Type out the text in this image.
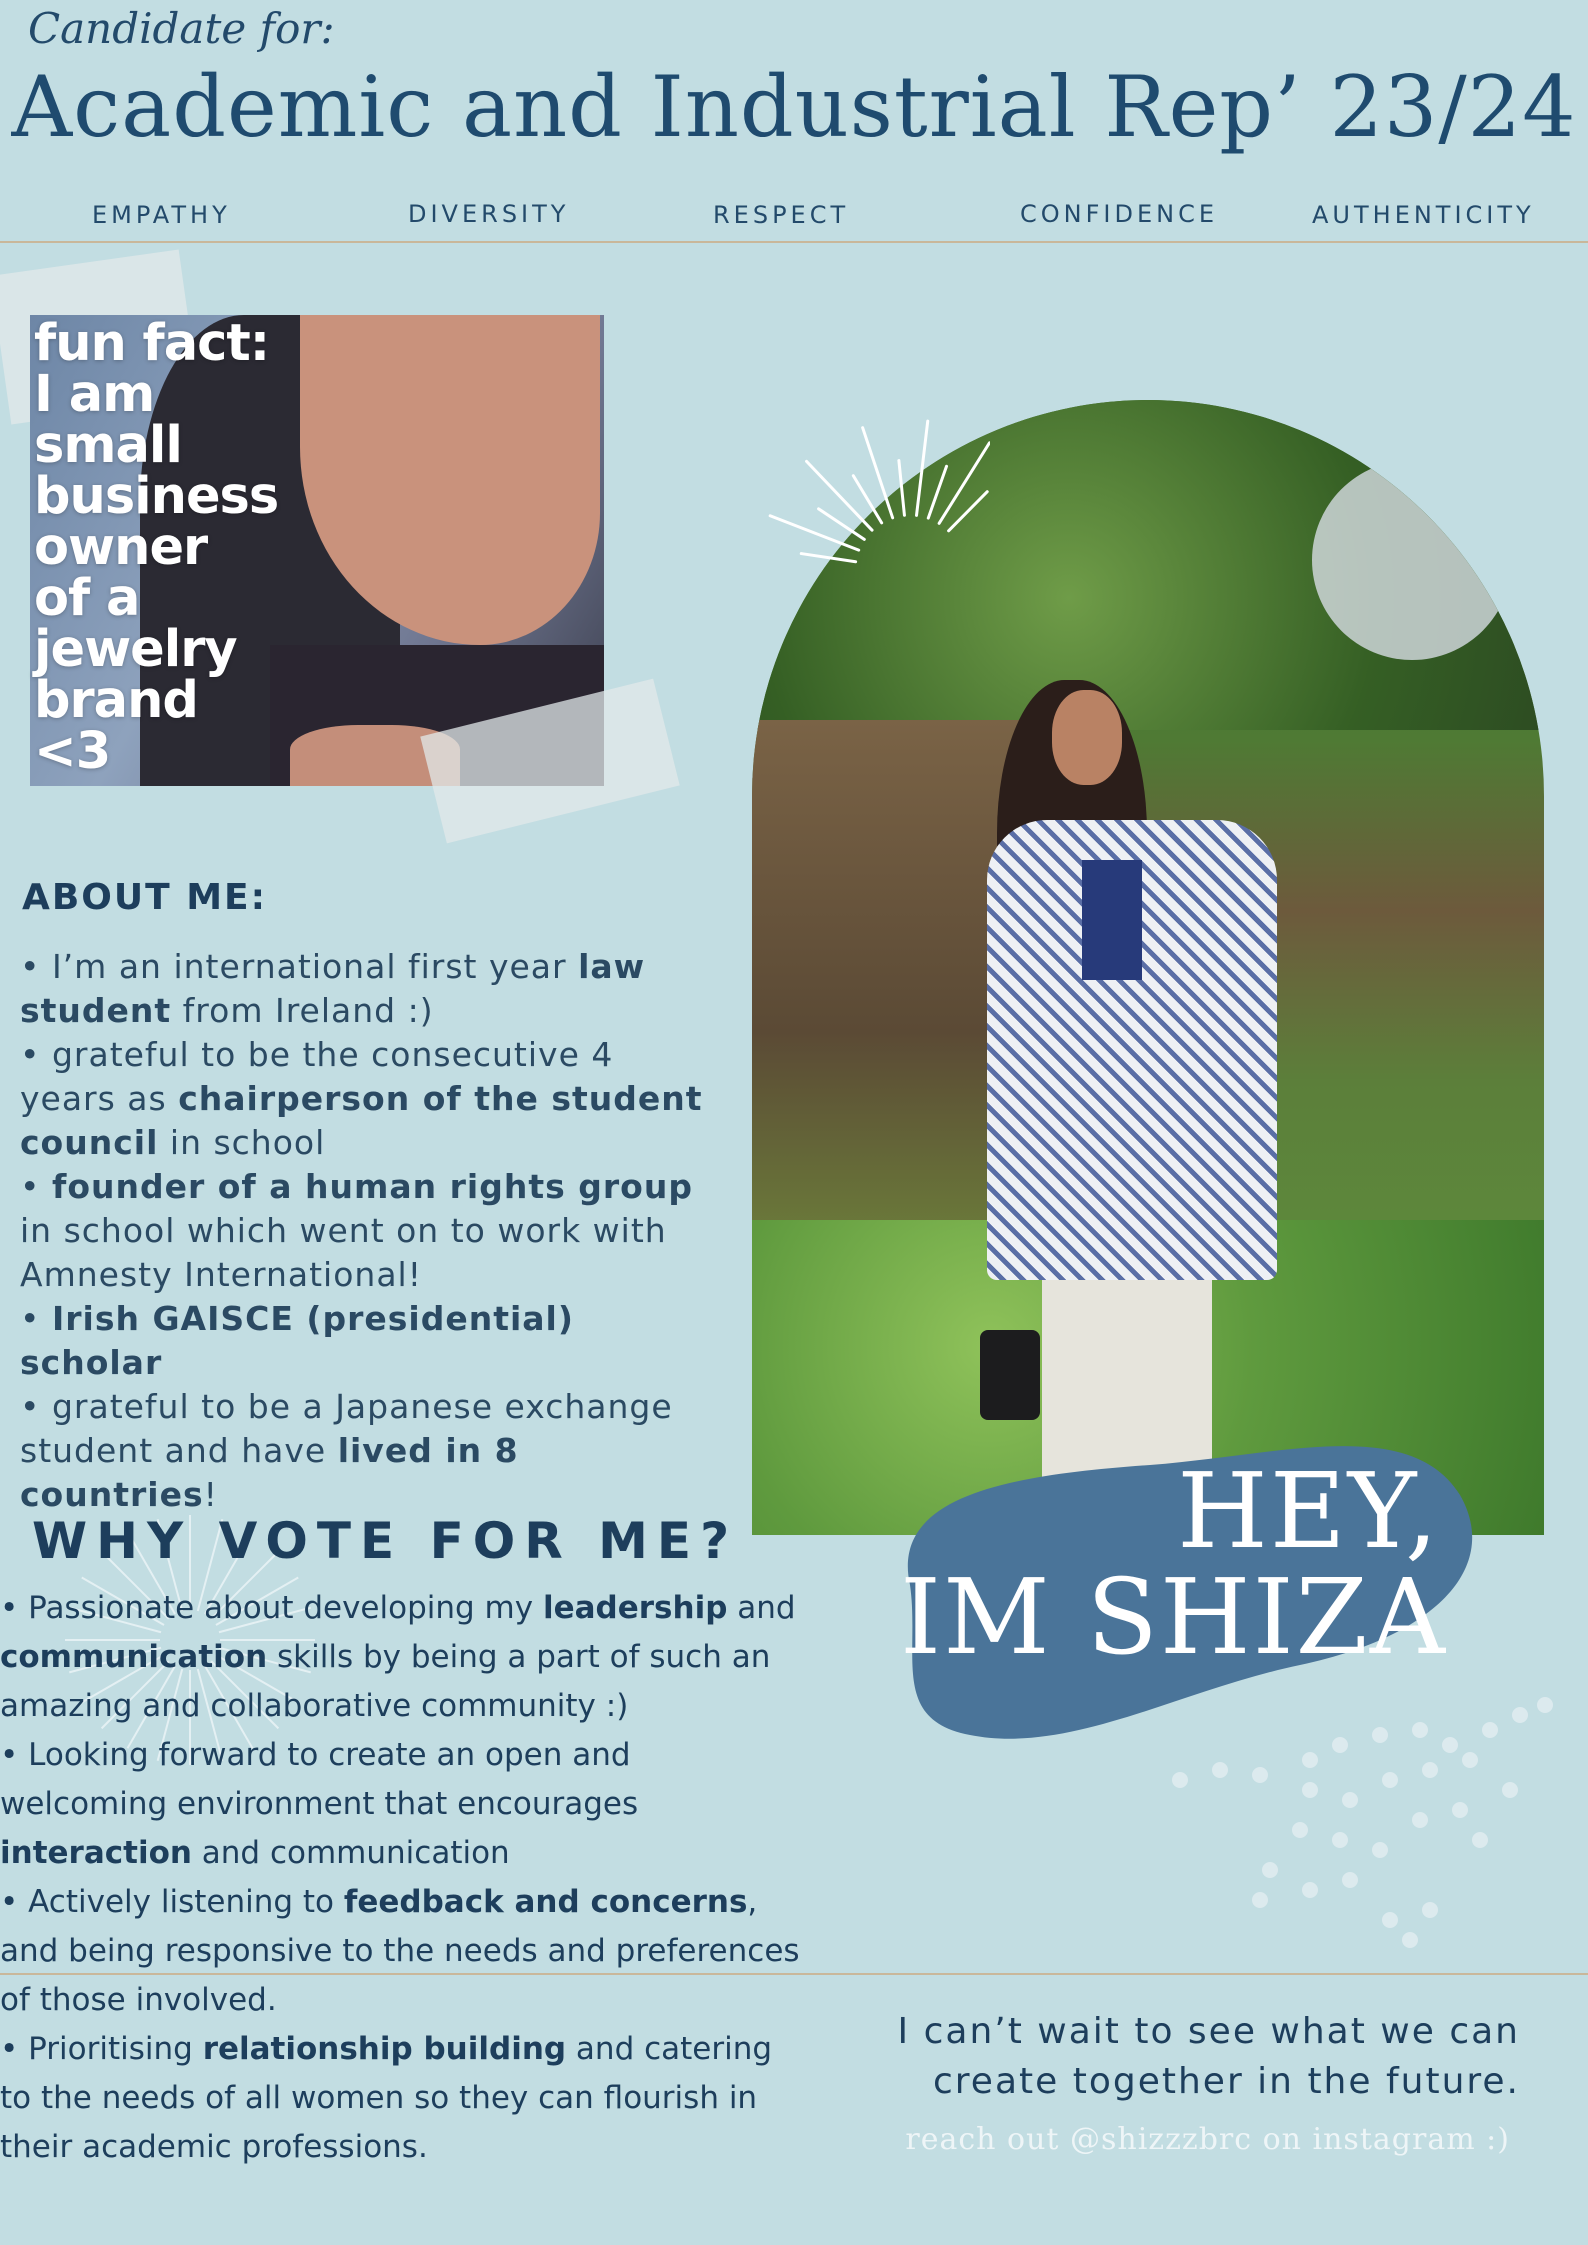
Candidate for:
Academic and Industrial Rep’ 23/24
EMPATHY	DIVERSITY	RESPECT	CONFIDENCE	AUTHENTICITY
fun fact:
I am
small
business
owner
of a
jewelry
brand
<3
ABOUT ME:

• I’m an international first year law student from Ireland :)

• grateful to be the consecutive 4 years as chairperson of the student council in school

• founder of a human rights group in school which went on to work with Amnesty International!

• Irish GAISCE (presidential) scholar

• grateful to be a Japanese exchange student and have lived in 8 countries!

WHY VOTE FOR ME?

• Passionate about developing my leadership and communication skills by being a part of such an amazing and collaborative community :)

• Looking forward to create an open and welcoming environment that encourages interaction and communication

• Actively listening to feedback and concerns, and being responsive to the needs and preferences of those involved.

• Prioritising relationship building and catering to the needs of all women so they can flourish in their academic professions.

HEY,
IM SHIZA
I can’t wait to see what we can
create together in the future.
reach out @shizzzbrc on instagram :)
